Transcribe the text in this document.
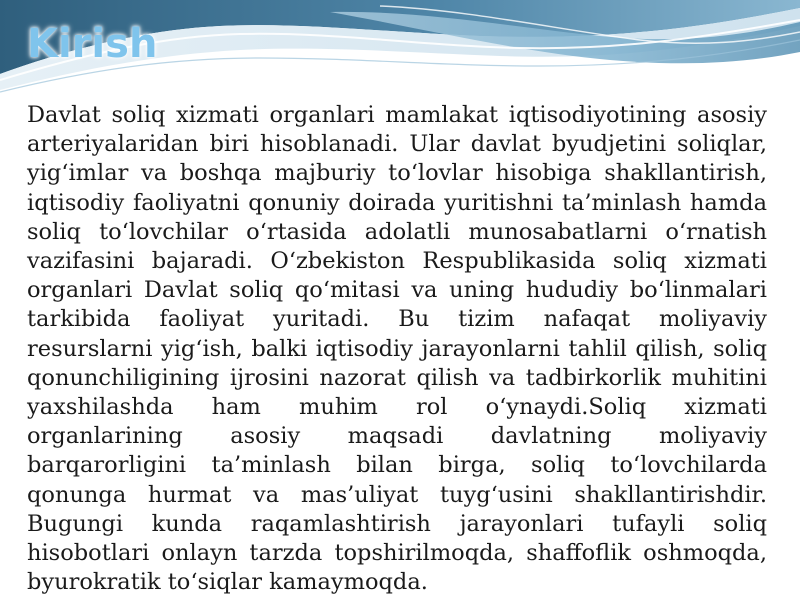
Kirish

Davlat soliq xizmati organlari mamlakat iqtisodiyotining asosiy arteriyalaridan biri hisoblanadi. Ular davlat byudjetini soliqlar, yig‘imlar va boshqa majburiy to‘lovlar hisobiga shakllantirish, iqtisodiy faoliyatni qonuniy doirada yuritishni ta’minlash hamda soliq to‘lovchilar o‘rtasida adolatli munosabatlarni o‘rnatish vazifasini bajaradi. O‘zbekiston Respublikasida soliq xizmati organlari Davlat soliq qo‘mitasi va uning hududiy bo‘linmalari tarkibida faoliyat yuritadi. Bu tizim nafaqat moliyaviy resurslarni yig‘ish, balki iqtisodiy jarayonlarni tahlil qilish, soliq qonunchiligining ijrosini nazorat qilish va tadbirkorlik muhitini yaxshilashda ham muhim rol o‘ynaydi.Soliq xizmati organlarining asosiy maqsadi davlatning moliyaviy barqarorligini ta’minlash bilan birga, soliq to‘lovchilarda qonunga hurmat va mas’uliyat tuyg‘usini shakllantirishdir. Bugungi kunda raqamlashtirish jarayonlari tufayli soliq hisobotlari onlayn tarzda topshirilmoqda, shaffoflik oshmoqda, byurokratik to‘siqlar kamaymoqda.
